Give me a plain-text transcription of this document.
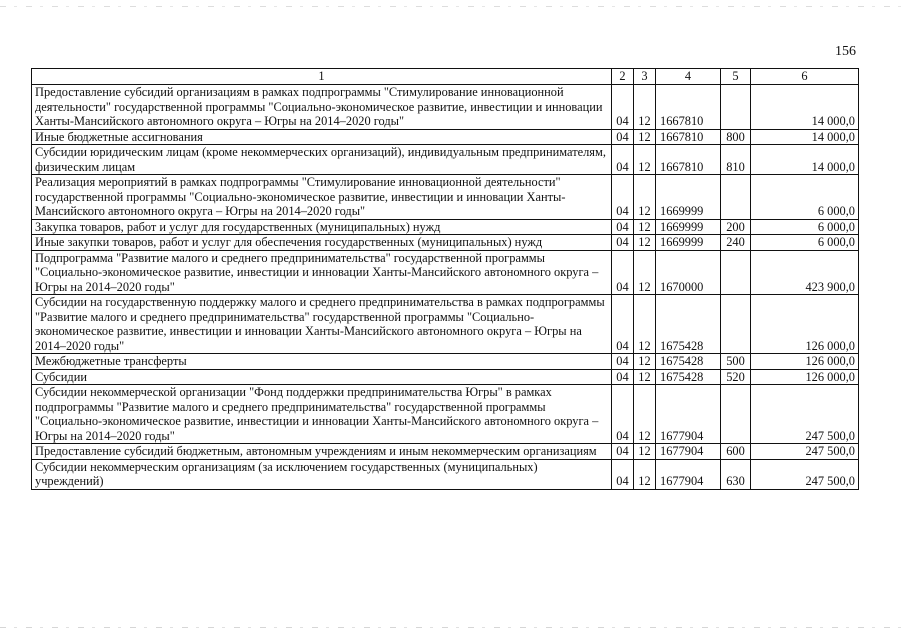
156
1	2	3	4	5	6
Предоставление субсидий организациям в рамках подпрограммы "Стимулирование инновационной деятельности" государственной программы "Социально-экономическое развитие, инвестиции и инновации Ханты-Мансийского автономного округа – Югры на 2014–2020 годы"	04	12	1667810		14 000,0
Иные бюджетные ассигнования	04	12	1667810	800	14 000,0
Субсидии юридическим лицам (кроме некоммерческих организаций), индивидуальным предпринимателям, физическим лицам	04	12	1667810	810	14 000,0
Реализация мероприятий в рамках подпрограммы "Стимулирование инновационной деятельности" государственной программы "Социально-экономическое развитие, инвестиции и инновации Ханты-Мансийского автономного округа – Югры на 2014–2020 годы"	04	12	1669999		6 000,0
Закупка товаров, работ и услуг для государственных (муниципальных) нужд	04	12	1669999	200	6 000,0
Иные закупки товаров, работ и услуг для обеспечения государственных (муниципальных) нужд	04	12	1669999	240	6 000,0
Подпрограмма "Развитие малого и среднего предпринимательства" государственной программы "Социально-экономическое развитие, инвестиции и инновации Ханты-Мансийского автономного округа – Югры на 2014–2020 годы"	04	12	1670000		423 900,0
Субсидии на государственную поддержку малого и среднего предпринимательства в рамках подпрограммы "Развитие малого и среднего предпринимательства" государственной программы "Социально-экономическое развитие, инвестиции и инновации Ханты-Мансийского автономного округа – Югры на 2014–2020 годы"	04	12	1675428		126 000,0
Межбюджетные трансферты	04	12	1675428	500	126 000,0
Субсидии	04	12	1675428	520	126 000,0
Субсидии некоммерческой организации "Фонд поддержки предпринимательства Югры" в рамках подпрограммы "Развитие малого и среднего предпринимательства" государственной программы "Социально-экономическое развитие, инвестиции и инновации Ханты-Мансийского автономного округа – Югры на 2014–2020 годы"	04	12	1677904		247 500,0
Предоставление субсидий бюджетным, автономным учреждениям и иным некоммерческим организациям	04	12	1677904	600	247 500,0
Субсидии некоммерческим организациям (за исключением государственных (муниципальных) учреждений)	04	12	1677904	630	247 500,0
